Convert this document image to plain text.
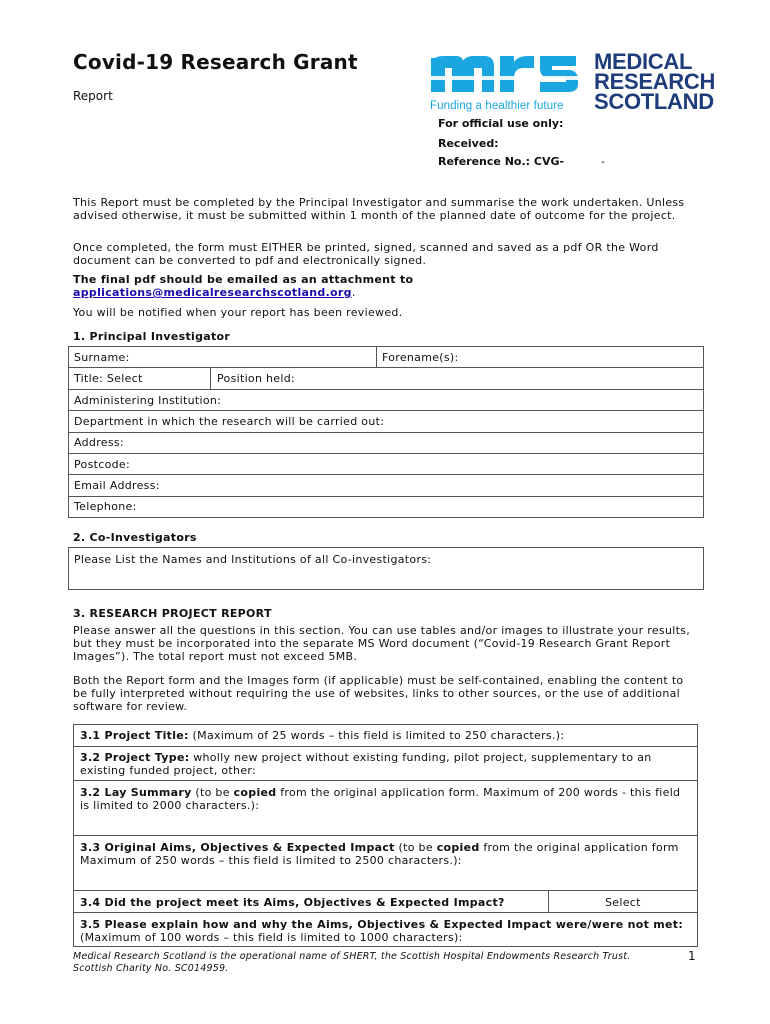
Covid-19 Research Grant
Report
Funding a healthier future
MEDICAL
RESEARCH
SCOTLAND
For official use only:
Received:
Reference No.: CVG-	-
This Report must be completed by the Principal Investigator and summarise the work undertaken. Unless advised otherwise, it must be submitted within 1 month of the planned date of outcome for the project.
Once completed, the form must EITHER be printed, signed, scanned and saved as a pdf OR the Word document can be converted to pdf and electronically signed.
The final pdf should be emailed as an attachment to applications@medicalresearchscotland.org.
You will be notified when your report has been reviewed.
1. Principal Investigator
Surname:	Forename(s):
Title: Select	Position held:
Administering Institution:
Department in which the research will be carried out:
Address:
Postcode:
Email Address:
Telephone:
2. Co-Investigators
Please List the Names and Institutions of all Co-investigators:
3. RESEARCH PROJECT REPORT
Please answer all the questions in this section. You can use tables and/or images to illustrate your results, but they must be incorporated into the separate MS Word document (“Covid-19 Research Grant Report Images”). The total report must not exceed 5MB.
Both the Report form and the Images form (if applicable) must be self-contained, enabling the content to be fully interpreted without requiring the use of websites, links to other sources, or the use of additional software for review.
3.1 Project Title: (Maximum of 25 words – this field is limited to 250 characters.):
3.2 Project Type: wholly new project without existing funding, pilot project, supplementary to an existing funded project, other:
3.2 Lay Summary (to be copied from the original application form. Maximum of 200 words - this field is limited to 2000 characters.):
3.3 Original Aims, Objectives & Expected Impact (to be copied from the original application form Maximum of 250 words – this field is limited to 2500 characters.):
3.4 Did the project meet its Aims, Objectives & Expected Impact?	Select
3.5 Please explain how and why the Aims, Objectives & Expected Impact were/were not met: (Maximum of 100 words – this field is limited to 1000 characters):
Medical Research Scotland is the operational name of SHERT, the Scottish Hospital Endowments Research Trust.
Scottish Charity No. SC014959.
1
